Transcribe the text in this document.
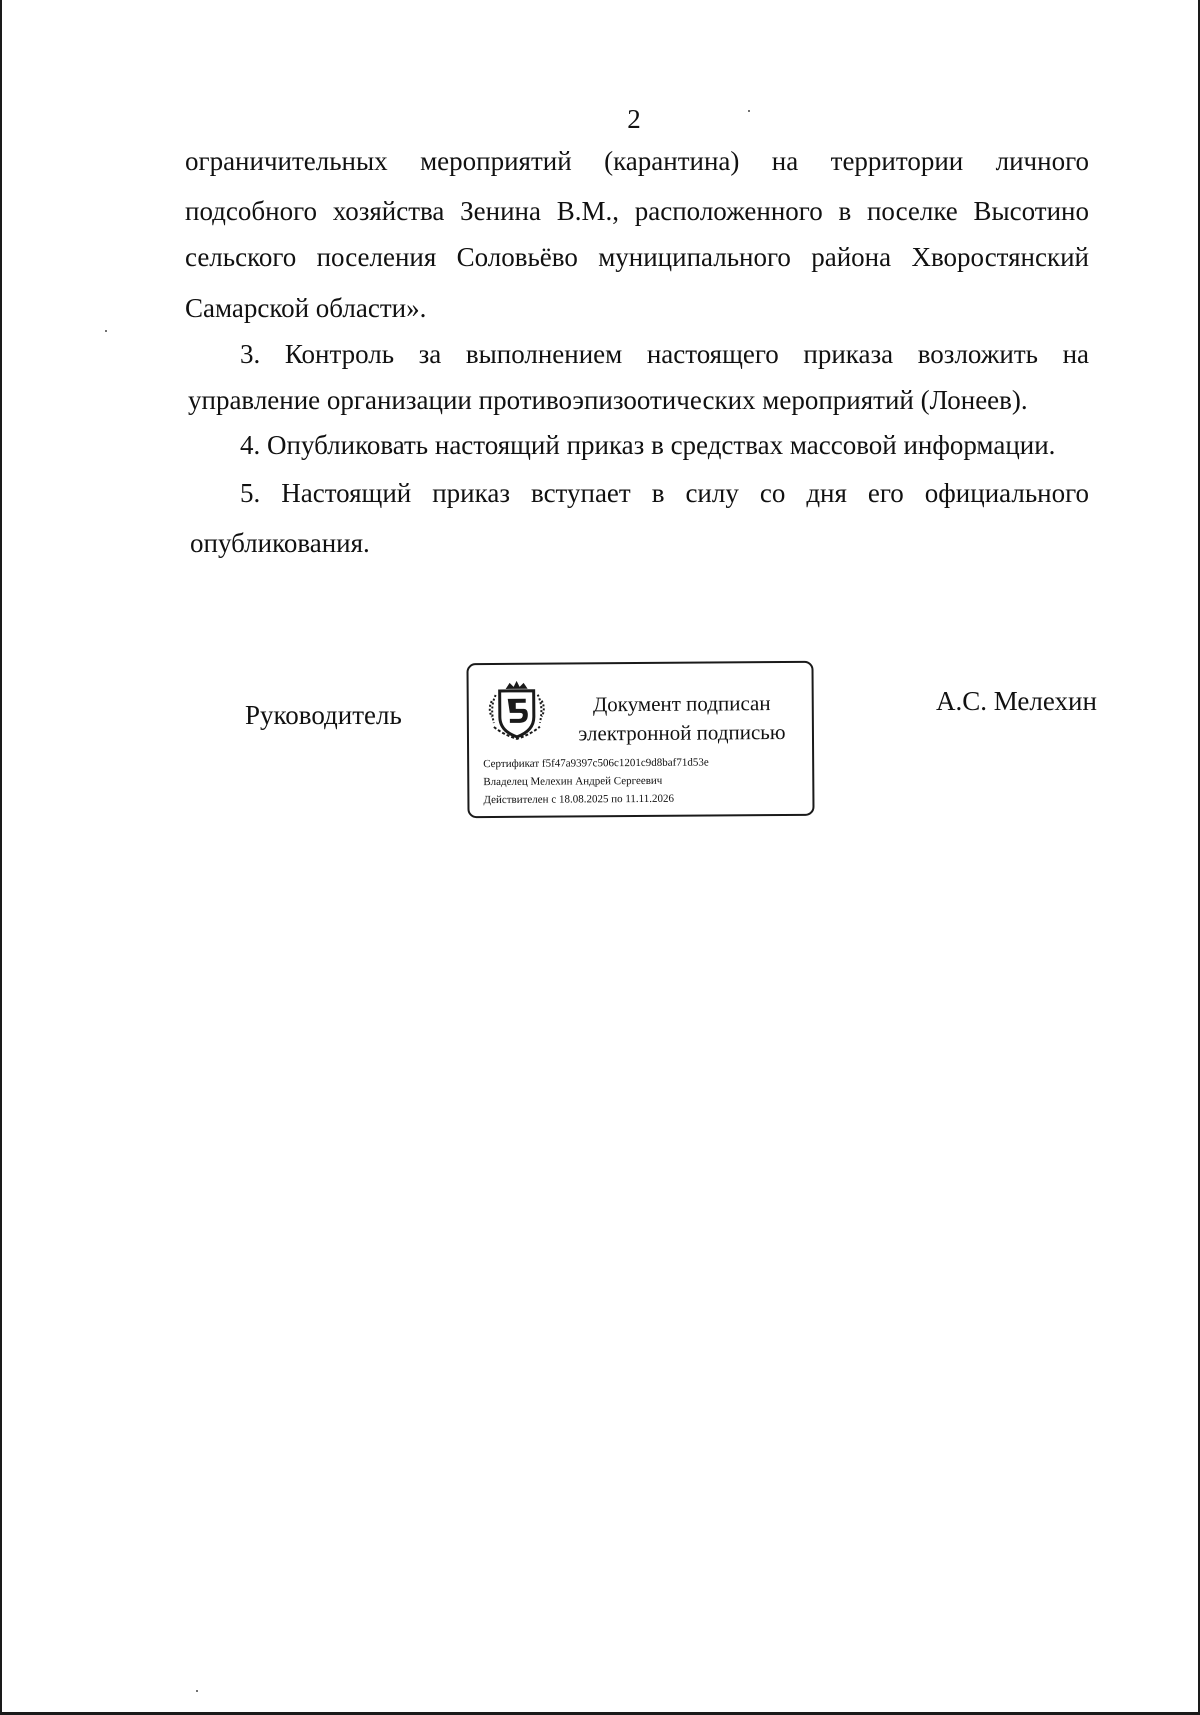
2
ограничительных мероприятий (карантина) на территории личного
подсобного хозяйства Зенина В.М., расположенного в поселке Высотино
сельского поселения Соловьёво муниципального района Хворостянский
Самарской области».
3. Контроль за выполнением настоящего приказа возложить на
управление организации противоэпизоотических мероприятий (Лонеев).
4. Опубликовать настоящий приказ в средствах массовой информации.
5. Настоящий приказ вступает в силу со дня его официального
опубликования.
Руководитель	Документ подписан
электронной подписью
Сертификат f5f47a9397c506c1201c9d8baf71d53e
Владелец Мелехин Андрей Сергеевич
Действителен с 18.08.2025 по 11.11.2026
А.С. Мелехин
